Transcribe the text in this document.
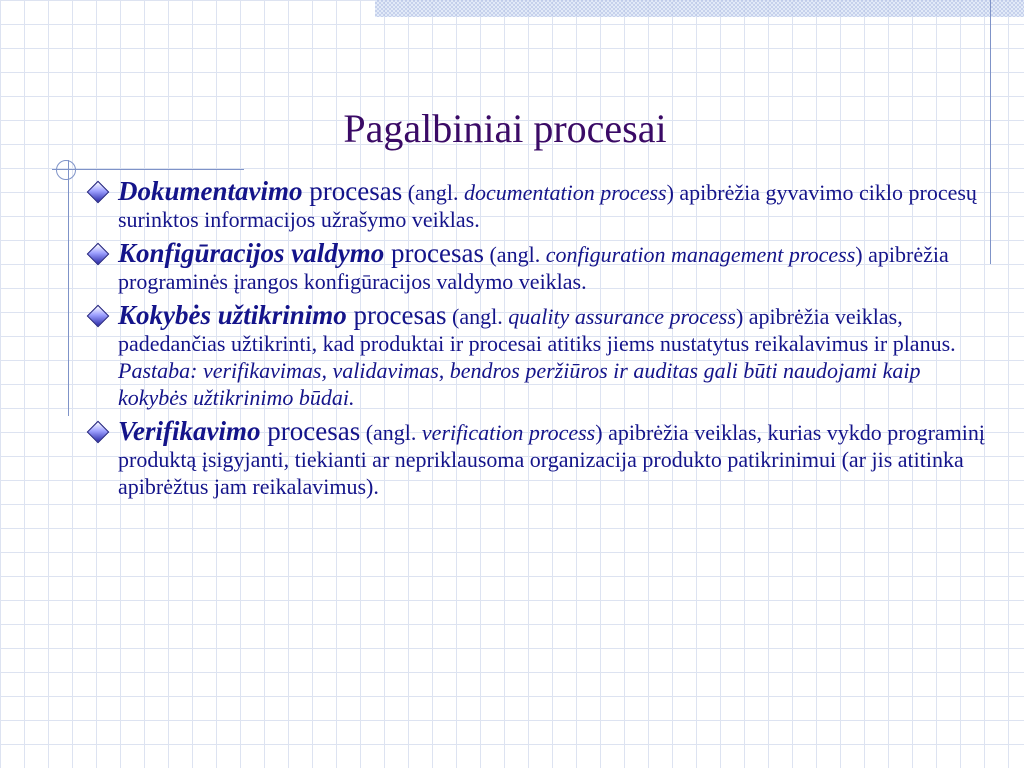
Pagalbiniai procesai
Dokumentavimo procesas (angl. documentation process) apibrėžia gyvavimo ciklo procesų surinktos informacijos užrašymo veiklas.
Konfigūracijos valdymo procesas (angl. configuration management process) apibrėžia programinės įrangos konfigūracijos valdymo veiklas.
Kokybės užtikrinimo procesas (angl. quality assurance process) apibrėžia veiklas, padedančias užtikrinti, kad produktai ir procesai atitiks jiems nustatytus reikalavimus ir planus. Pastaba: verifikavimas, validavimas, bendros peržiūros ir auditas gali būti naudojami kaip kokybės užtikrinimo būdai.
Verifikavimo procesas (angl. verification process) apibrėžia veiklas, kurias vykdo programinį produktą įsigyjanti, tiekianti ar nepriklausoma organizacija produkto patikrinimui (ar jis atitinka apibrėžtus jam reikalavimus).
